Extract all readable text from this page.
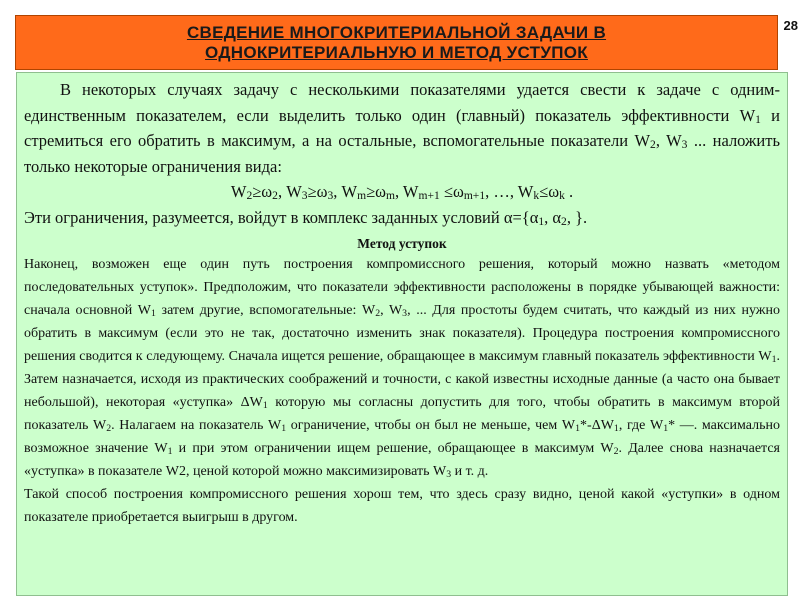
СВЕДЕНИЕ МНОГОКРИТЕРИАЛЬНОЙ ЗАДАЧИ В
ОДНОКРИТЕРИАЛЬНУЮ И МЕТОД УСТУПОК
28

В некоторых случаях задачу с несколькими показателями удается свести к задаче с одним-единственным показателем, если выделить только один (главный) показатель эффективности $W_1$ и стремиться его обратить в максимум, а на остальные, вспомогательные показатели $W_2$, $W_3$ ... наложить только некоторые ограничения вида:

$W_2\ge\omega_2$, $W_3\ge\omega_3$, $W_m\ge\omega_m$, $W_{m+1} \le\omega_{m+1}$, …, $W_k\le\omega_k$ .

Эти ограничения, разумеется, войдут в комплекс заданных условий $\alpha=\{\alpha_1$, $\alpha_2$, }.

Метод уступок

Наконец, возможен еще один путь построения компромиссного решения, который можно назвать «методом последовательных уступок». Предположим, что показатели эффективности расположены в порядке убывающей важности: сначала основной $W_1$ затем другие, вспомогательные: $W_2$, $W_3$, ... Для простоты будем считать, что каждый из них нужно обратить в максимум (если это не так, достаточно изменить знак показателя). Процедура построения компромиссного решения сводится к следующему. Сначала ищется решение, обращающее в максимум главный показатель эффективности $W_1$. Затем назначается, исходя из практических соображений и точности, с какой известны исходные данные (а часто она бывает небольшой), некоторая «уступка» $\Delta W_1$ которую мы согласны допустить для того, чтобы обратить в максимум второй показатель $W_2$. Налагаем на показатель $W_1$ ограничение, чтобы он был не меньше, чем $W_1*-\Delta W_1$, где $W_1*$ —. максимально возможное значение $W_1$ и при этом ограничении ищем решение, обращающее в максимум $W_2$. Далее снова назначается «уступка» в показателе W2, ценой которой можно максимизировать $W_3$ и т. д.

Такой способ построения компромиссного решения хорош тем, что здесь сразу видно, ценой какой «уступки» в одном показателе приобретается выигрыш в другом.
